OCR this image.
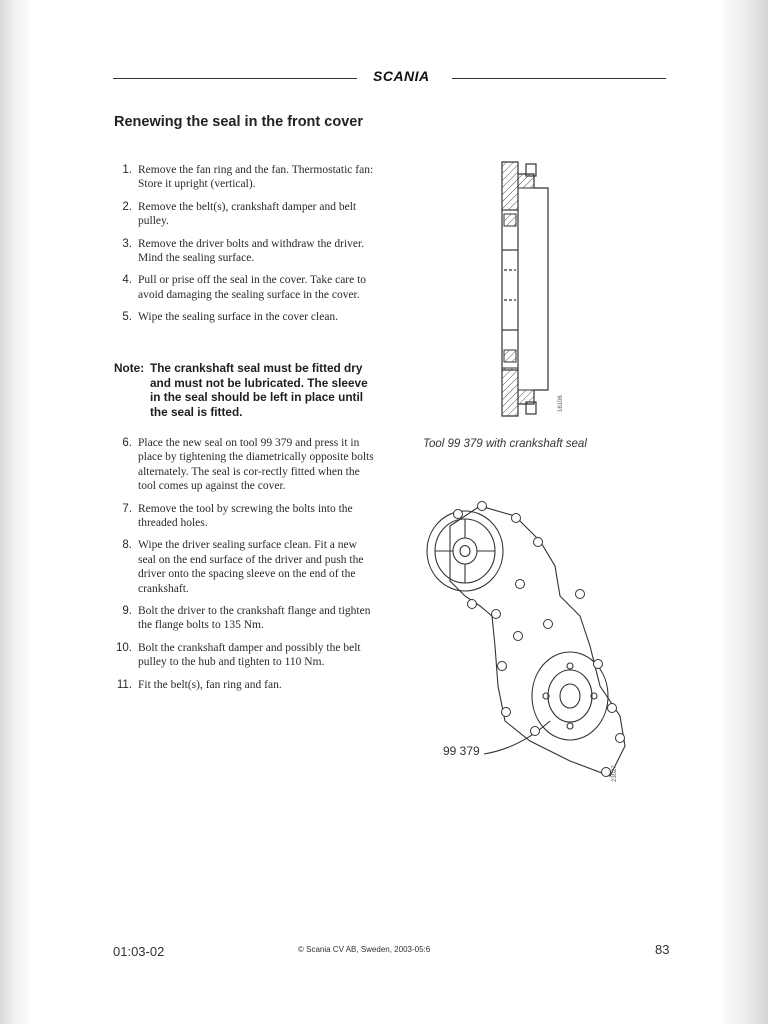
SCANIA
Renewing the seal in the front cover
1. Remove the fan ring and the fan. Thermostatic fan: Store it upright (vertical).
2. Remove the belt(s), crankshaft damper and belt pulley.
3. Remove the driver bolts and withdraw the driver. Mind the sealing surface.
4. Pull or prise off the seal in the cover. Take care to avoid damaging the sealing surface in the cover.
5. Wipe the sealing surface in the cover clean.
Note: The crankshaft seal must be fitted dry and must not be lubricated. The sleeve in the seal should be left in place until the seal is fitted.
6. Place the new seal on tool 99 379 and press it in place by tightening the diametrically opposite bolts alternately. The seal is cor-rectly fitted when the tool comes up against the cover.
7. Remove the tool by screwing the bolts into the threaded holes.
8. Wipe the driver sealing surface clean. Fit a new seal on the end surface of the driver and push the driver onto the spacing sleeve on the end of the crankshaft.
9. Bolt the driver to the crankshaft flange and tighten the flange bolts to 135 Nm.
10. Bolt the crankshaft damper and possibly the belt pulley to the hub and tighten to 110 Nm.
11. Fit the belt(s), fan ring and fan.
16106
Tool 99 379 with crankshaft seal
99 379
23027
01:03-02	© Scania CV AB, Sweden, 2003-05:6	83
